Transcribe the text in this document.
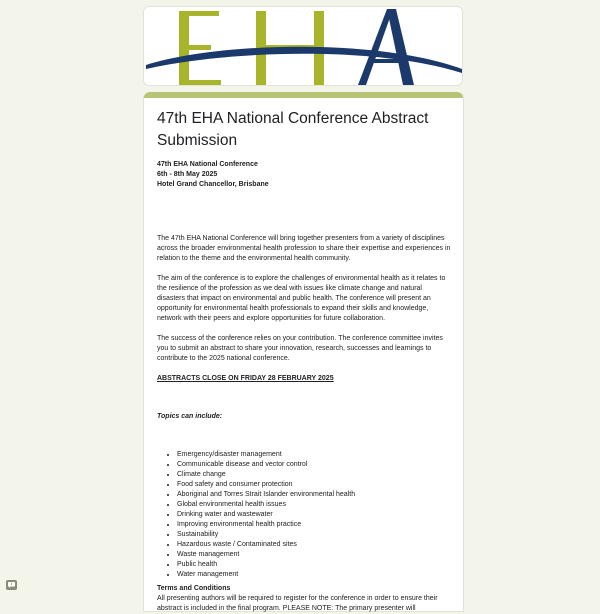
47th EHA National Conference Abstract Submission
47th EHA National Conference
6th - 8th May 2025
Hotel Grand Chancellor, Brisbane

The 47th EHA National Conference will bring together presenters from a variety of disciplines across the broader environmental health profession to share their expertise and experiences in relation to the theme and the environmental health community.

The aim of the conference is to explore the challenges of environmental health as it relates to the resilience of the profession as we deal with issues like climate change and natural disasters that impact on environmental and public health. The conference will present an opportunity for environmental health professionals to expand their skills and knowledge, network with their peers and explore opportunities for future collaboration.

The success of the conference relies on your contribution. The conference committee invites you to submit an abstract to share your innovation, research, successes and learnings to contribute to the 2025 national conference.

ABSTRACTS CLOSE ON FRIDAY 28 FEBRUARY 2025
Topics can include:
• Emergency/disaster management
• Communicable disease and vector control
• Climate change
• Food safety and consumer protection
• Aboriginal and Torres Strait Islander environmental health
• Global environmental health issues
• Drinking water and wastewater
• Improving environmental health practice
• Sustainability
• Hazardous waste / Contaminated sites
• Waste management
• Public health
• Water management
Terms and Conditions

All presenting authors will be required to register for the conference in order to ensure their abstract is included in the final program. PLEASE NOTE: The primary presenter will
